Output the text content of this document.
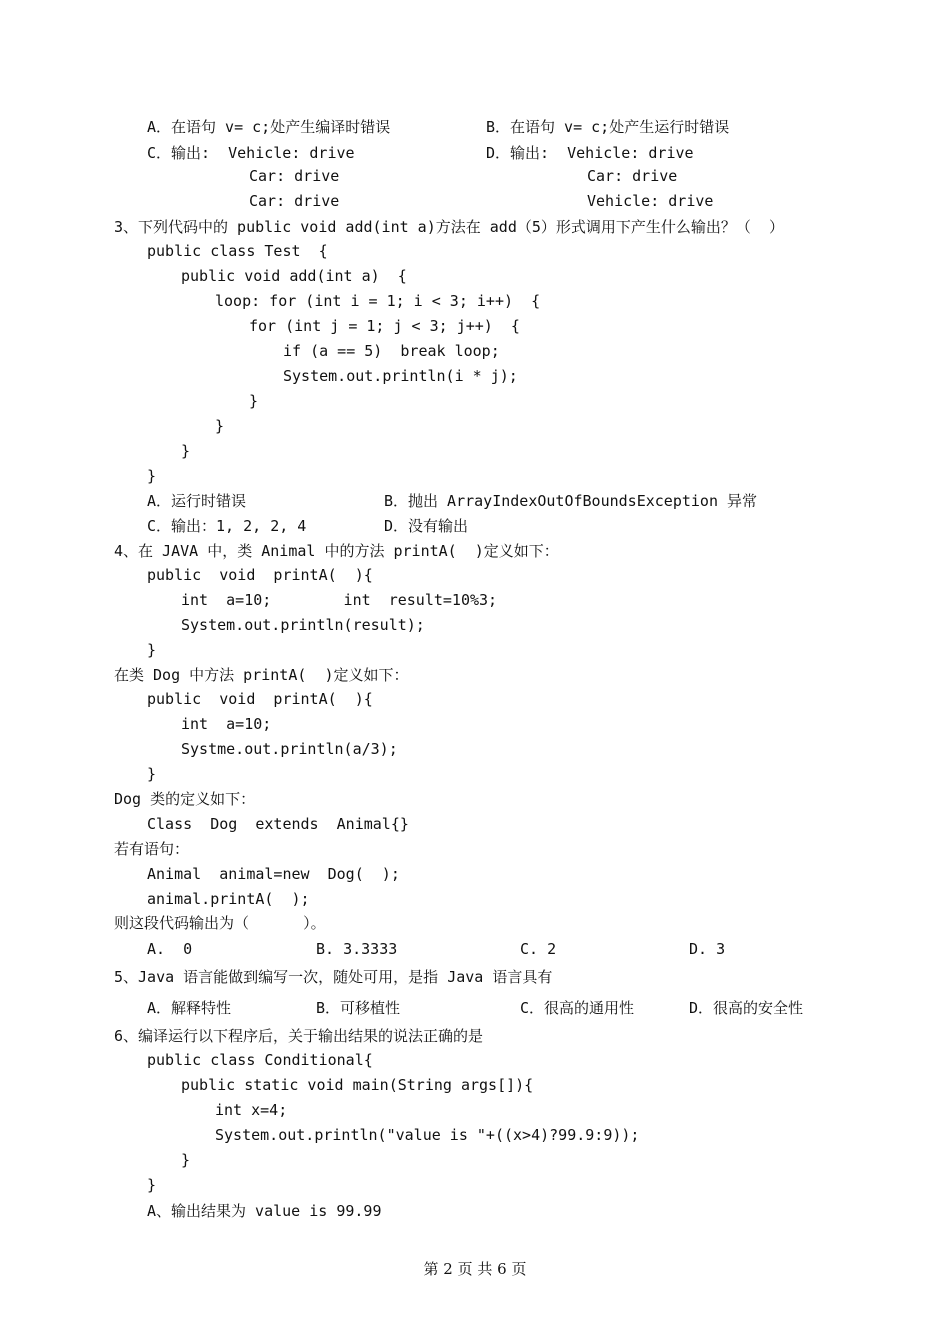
A．在语句 v= c;处产生编译时错误	B．在语句 v= c;处产生运行时错误
C．输出:  Vehicle: drive	D．输出:  Vehicle: drive
Car: drive	Car: drive
Car: drive	Vehicle: drive
3、下列代码中的 public void add(int a)方法在 add（5）形式调用下产生什么输出？（  ）
public class Test  {
public void add(int a)  {
loop: for (int i = 1; i < 3; i++)  {
for (int j = 1; j < 3; j++)  {
if (a == 5)  break loop;
System.out.println(i * j);
}
}
}
}
A．运行时错误	B．抛出 ArrayIndexOutOfBoundsException 异常
C．输出：1, 2, 2, 4	D．没有输出
4、在 JAVA 中，类 Animal 中的方法 printA(  )定义如下：
public  void  printA(  ){
int  a=10;        int  result=10%3;
System.out.println(result);
}
在类 Dog 中方法 printA(  )定义如下：
public  void  printA(  ){
int  a=10;
Systme.out.println(a/3);
}
Dog 类的定义如下：
Class  Dog  extends  Animal{}
若有语句：
Animal  animal=new  Dog(  );
animal.printA(  );
则这段代码输出为（      ）。
A.  0	B. 3.3333	C. 2	D. 3
5、Java 语言能做到编写一次，随处可用，是指 Java 语言具有
A．解释特性	B．可移植性	C．很高的通用性	D．很高的安全性
6、编译运行以下程序后，关于输出结果的说法正确的是
public class Conditional{
public static void main(String args[]){
int x=4;
System.out.println("value is "+((x>4)?99.9:9));
}
}
A、输出结果为 value is 99.99
第 2 页 共 6 页
